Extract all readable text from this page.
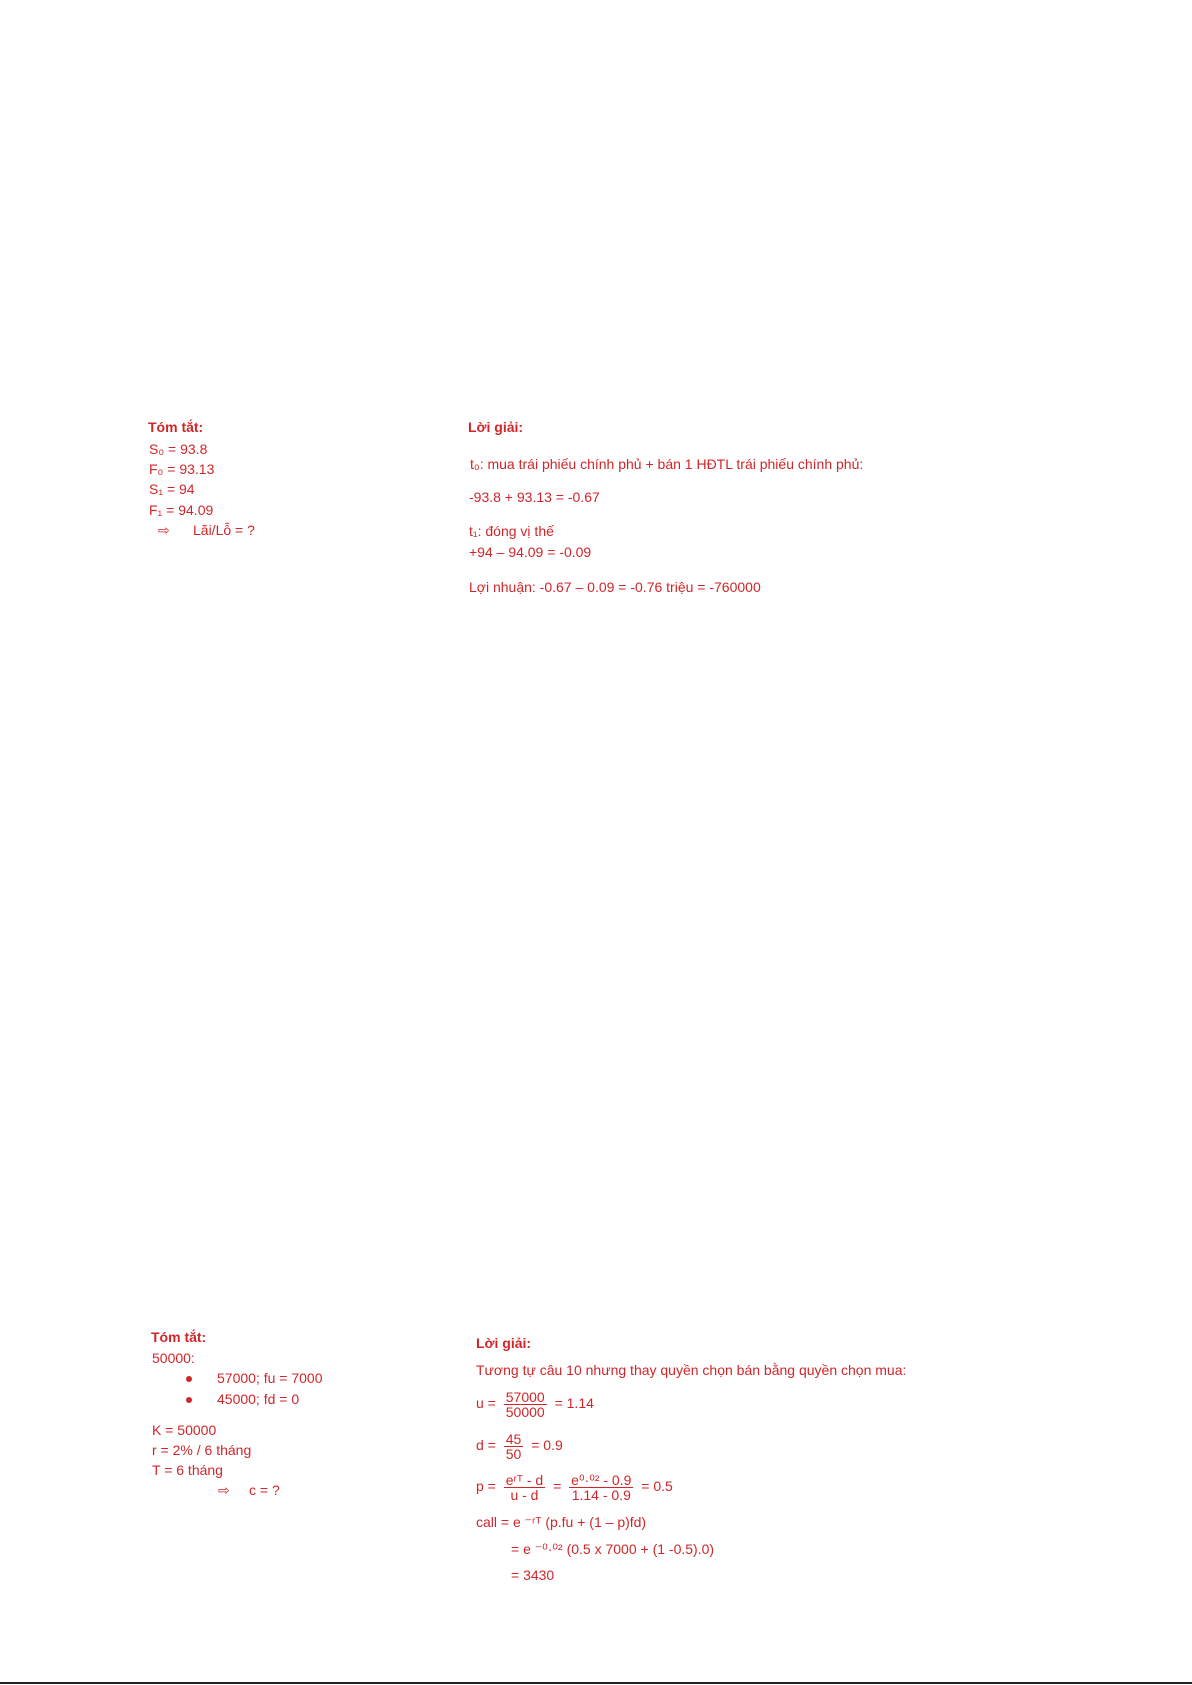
Tóm tắt:
S₀ = 93.8
F₀ = 93.13
S₁ = 94
F₁ = 94.09
⇨ Lãi/Lỗ = ?
Lời giải:
t₀: mua trái phiếu chính phủ + bán 1 HĐTL trái phiếu chính phủ:
-93.8 + 93.13 = -0.67
t₁: đóng vị thế
+94 – 94.09 = -0.09
Lợi nhuận: -0.67 – 0.09 = -0.76 triệu = -760000
Tóm tắt:
50000:
57000; fu = 7000
45000; fd = 0
K = 50000
r = 2% / 6 tháng
T = 6 tháng
⇨ c = ?
Lời giải:
Tương tự câu 10 nhưng thay quyền chọn bán bằng quyền chọn mua:
$u = \frac{57000}{50000} = 1.14$
$d = \frac{45}{50} = 0.9$
$p = \frac{\text{eʳᵀ - d}}{u - d} = \frac{\text{e⁰·⁰² - 0.9}}{1.14 - 0.9} = 0.5$
call = e ⁻ʳᵀ (p.fu + (1 – p)fd)
= e ⁻⁰·⁰² (0.5 x 7000 + (1 -0.5).0)
= 3430
